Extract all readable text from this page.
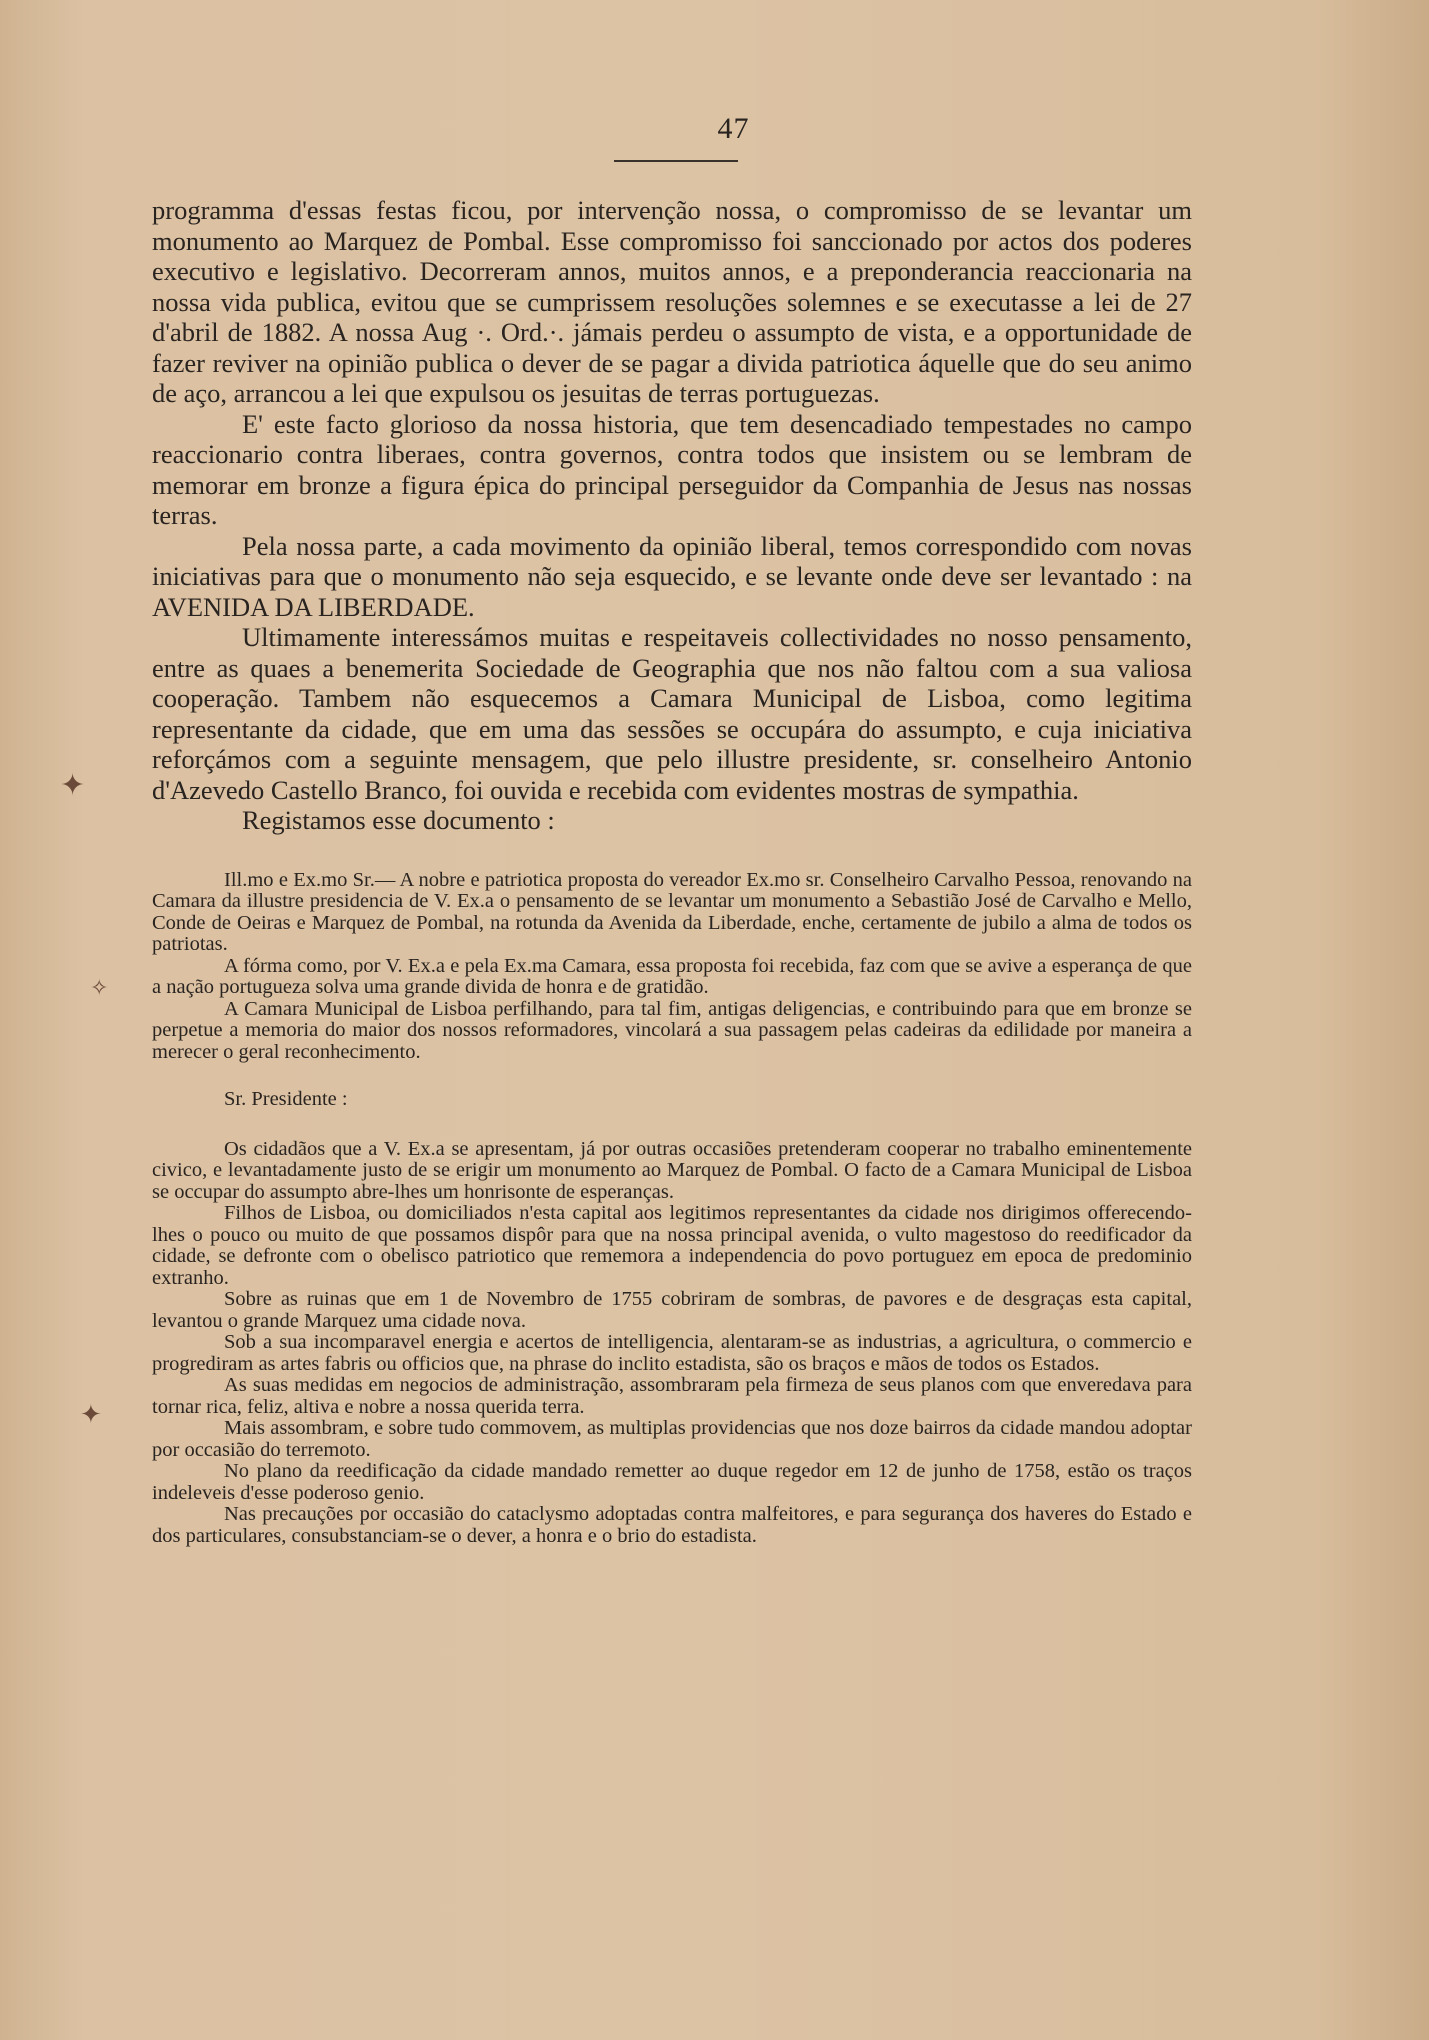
47
✦
✧
✦

programma d'essas festas ficou, por intervenção nossa, o compromisso de se levantar um monumento ao Marquez de Pombal. Esse compromisso foi sanccionado por actos dos poderes executivo e legislativo. Decorreram annos, muitos annos, e a preponderancia reaccionaria na nossa vida publica, evitou que se cumprissem resoluções solemnes e se executasse a lei de 27 d'abril de 1882. A nossa Aug ·. Ord.·. jámais perdeu o assumpto de vista, e a opportunidade de fazer reviver na opinião publica o dever de se pagar a divida patriotica áquelle que do seu animo de aço, arrancou a lei que expulsou os jesuitas de terras portuguezas.

E' este facto glorioso da nossa historia, que tem desencadiado tempestades no campo reaccionario contra liberaes, contra governos, contra todos que insistem ou se lembram de memorar em bronze a figura épica do principal perseguidor da Companhia de Jesus nas nossas terras.

Pela nossa parte, a cada movimento da opinião liberal, temos correspondido com novas iniciativas para que o monumento não seja esquecido, e se levante onde deve ser levantado : na AVENIDA DA LIBERDADE.

Ultimamente interessámos muitas e respeitaveis collectividades no nosso pensamento, entre as quaes a benemerita Sociedade de Geographia que nos não faltou com a sua valiosa cooperação. Tambem não esquecemos a Camara Municipal de Lisboa, como legitima representante da cidade, que em uma das sessões se occupára do assumpto, e cuja iniciativa reforçámos com a seguinte mensagem, que pelo illustre presidente, sr. conselheiro Antonio d'Azevedo Castello Branco, foi ouvida e recebida com evidentes mostras de sympathia.

Registamos esse documento :

Ill.mo e Ex.mo Sr.— A nobre e patriotica proposta do vereador Ex.mo sr. Conselheiro Carvalho Pessoa, renovando na Camara da illustre presidencia de V. Ex.a o pensamento de se levantar um monumento a Sebastião José de Carvalho e Mello, Conde de Oeiras e Marquez de Pombal, na rotunda da Avenida da Liberdade, enche, certamente de jubilo a alma de todos os patriotas.

A fórma como, por V. Ex.a e pela Ex.ma Camara, essa proposta foi recebida, faz com que se avive a esperança de que a nação portugueza solva uma grande divida de honra e de gratidão.

A Camara Municipal de Lisboa perfilhando, para tal fim, antigas deligencias, e contribuindo para que em bronze se perpetue a memoria do maior dos nossos reformadores, vincolará a sua passagem pelas cadeiras da edilidade por maneira a merecer o geral reconhecimento.

Sr. Presidente :

Os cidadãos que a V. Ex.a se apresentam, já por outras occasiões pretenderam cooperar no trabalho eminentemente civico, e levantadamente justo de se erigir um monumento ao Marquez de Pombal. O facto de a Camara Municipal de Lisboa se occupar do assumpto abre-lhes um honrisonte de esperanças.

Filhos de Lisboa, ou domiciliados n'esta capital aos legitimos representantes da cidade nos dirigimos offerecendo-lhes o pouco ou muito de que possamos dispôr para que na nossa principal avenida, o vulto magestoso do reedificador da cidade, se defronte com o obelisco patriotico que rememora a independencia do povo portuguez em epoca de predominio extranho.

Sobre as ruinas que em 1 de Novembro de 1755 cobriram de sombras, de pavores e de desgraças esta capital, levantou o grande Marquez uma cidade nova.

Sob a sua incomparavel energia e acertos de intelligencia, alentaram-se as industrias, a agricultura, o commercio e progrediram as artes fabris ou officios que, na phrase do inclito estadista, são os braços e mãos de todos os Estados.

As suas medidas em negocios de administração, assombraram pela firmeza de seus planos com que enveredava para tornar rica, feliz, altiva e nobre a nossa querida terra.

Mais assombram, e sobre tudo commovem, as multiplas providencias que nos doze bairros da cidade mandou adoptar por occasião do terremoto.

No plano da reedificação da cidade mandado remetter ao duque regedor em 12 de junho de 1758, estão os traços indeleveis d'esse poderoso genio.

Nas precauções por occasião do cataclysmo adoptadas contra malfeitores, e para segurança dos haveres do Estado e dos particulares, consubstanciam-se o dever, a honra e o brio do estadista.
